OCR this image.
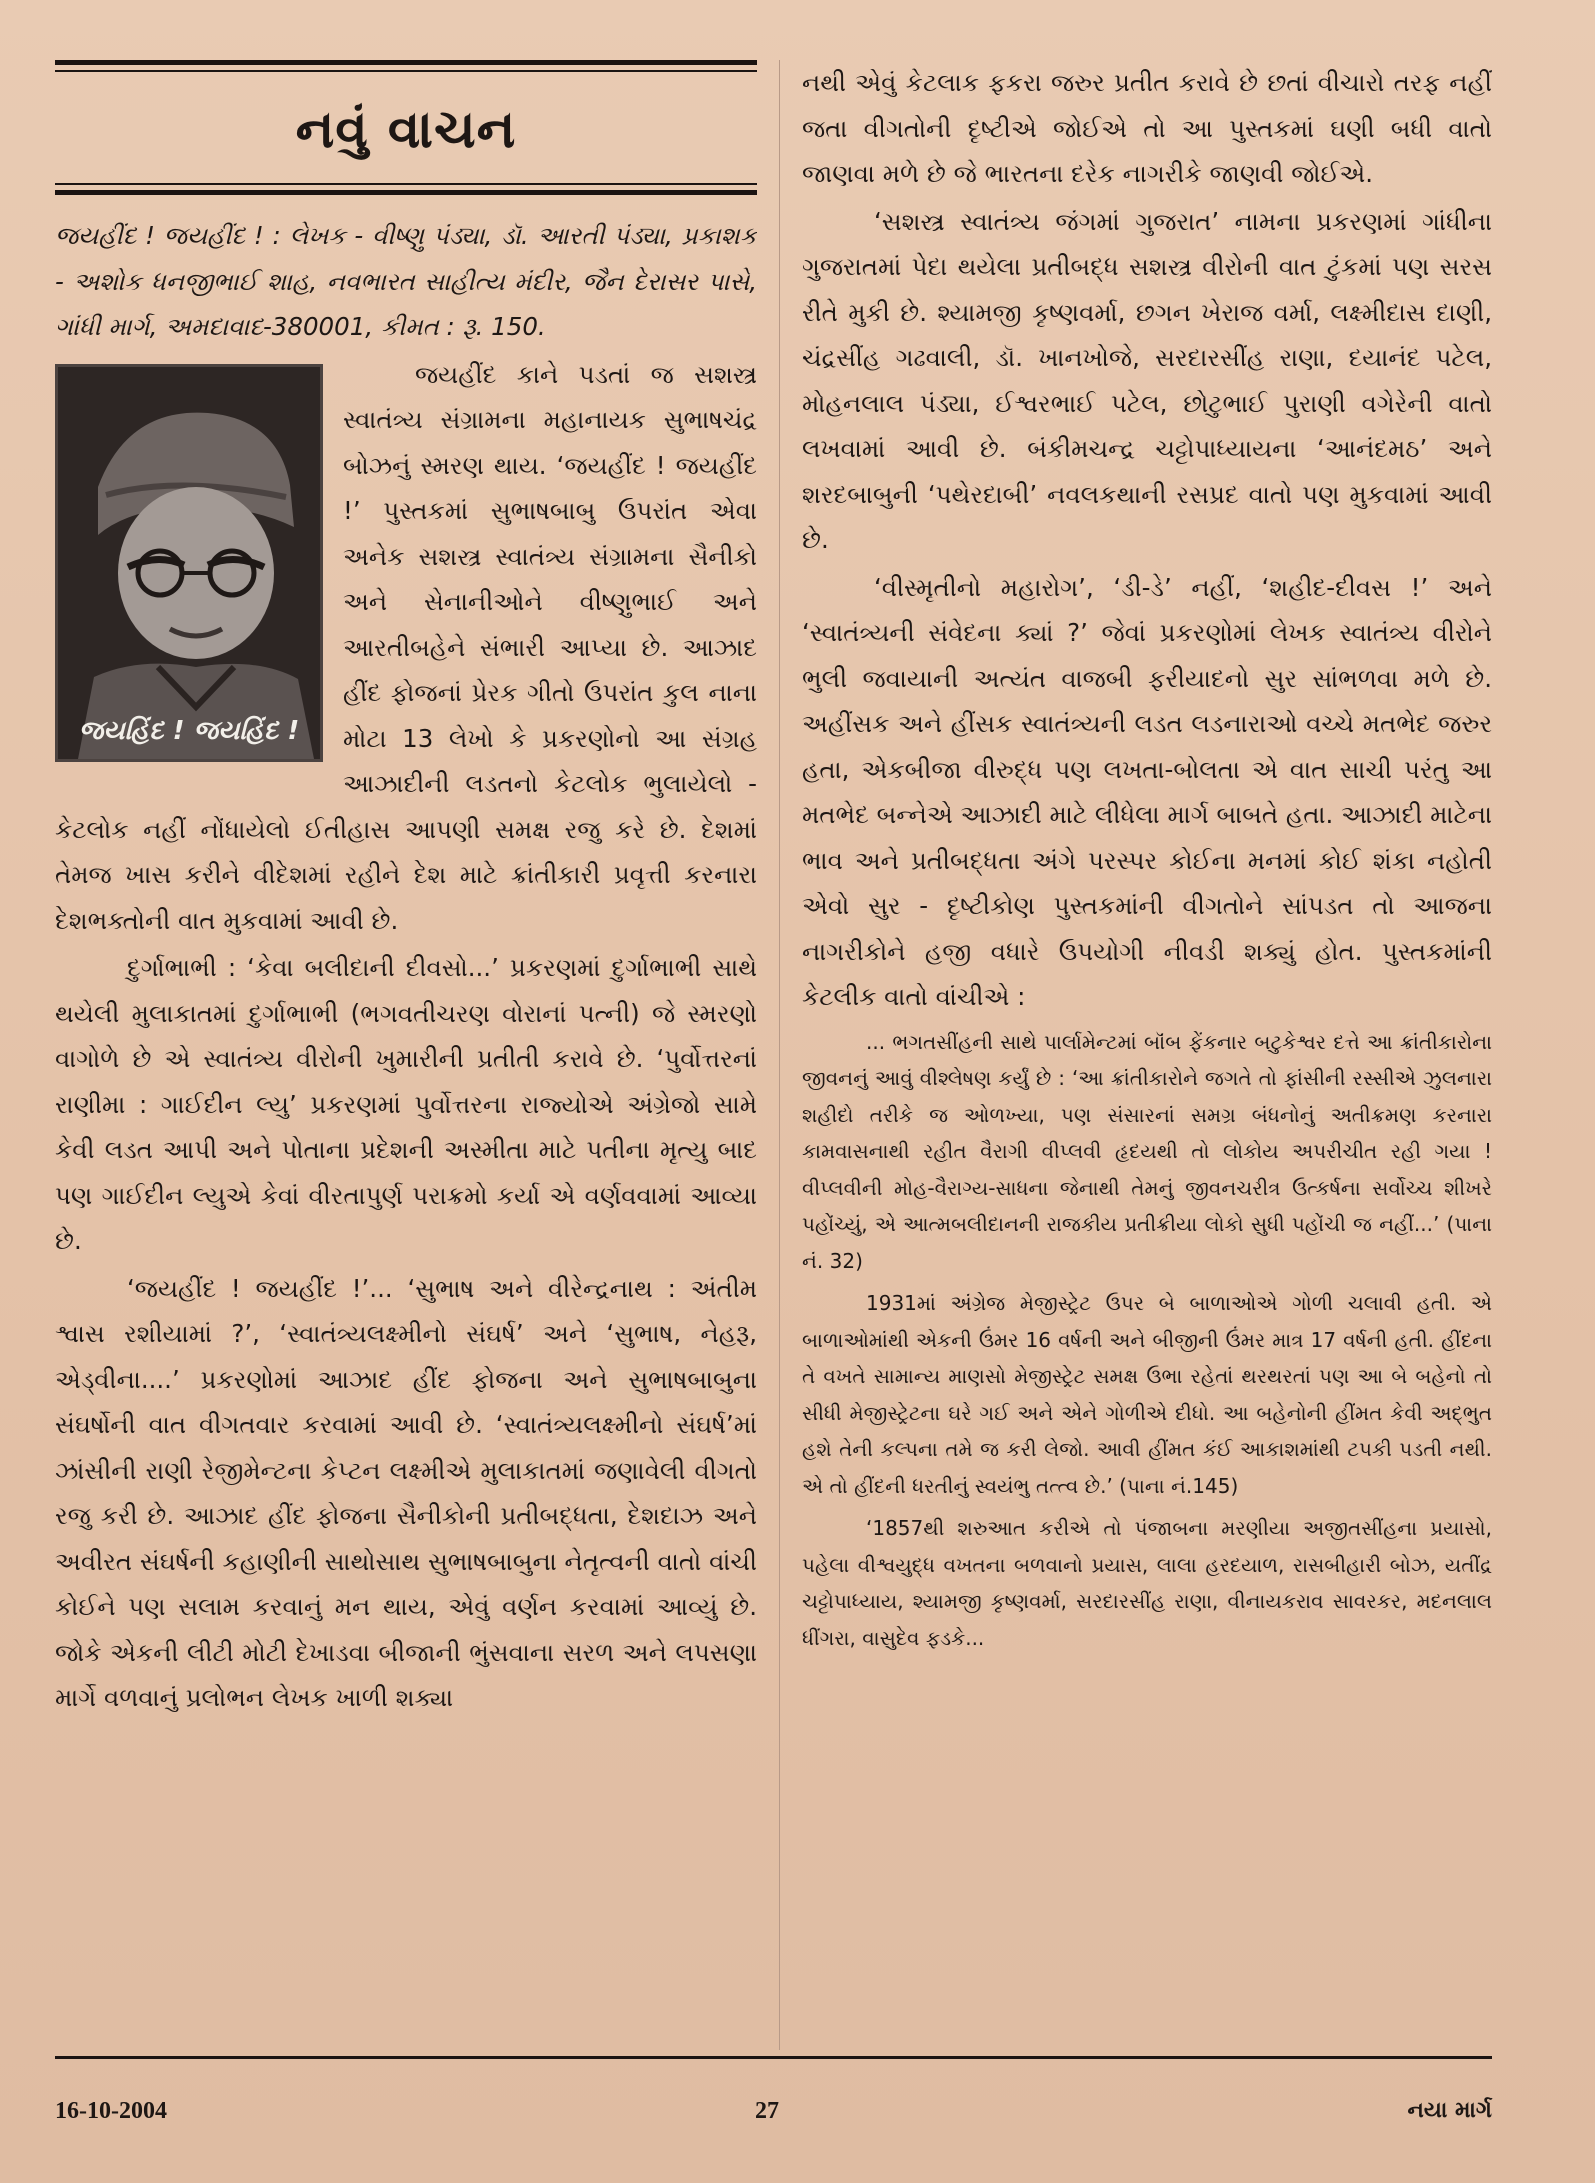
નવું વાચન

જયહીંદ ! જયહીંદ ! : લેખક - વીષ્ણુ પંડ્યા, ડૉ. આરતી પંડ્યા, પ્રકાશક - અશોક ધનજીભાઈ શાહ, નવભારત સાહીત્ય મંદીર, જૈન દેરાસર પાસે, ગાંધી માર્ગ, અમદાવાદ-380001, કીમત : રૂ. 150.

જયહિંદ ! જયહિંદ !

જયહીંદ કાને પડતાં જ સશસ્ત્ર સ્વાતંત્ર્ય સંગ્રામના મહાનાયક સુભાષચંદ્ર બોઝનું સ્મરણ થાય. ‘જયહીંદ ! જયહીંદ !’ પુસ્તકમાં સુભાષબાબુ ઉપરાંત એવા અનેક સશસ્ત્ર સ્વાતંત્ર્ય સંગ્રામના સૈનીકો અને સેનાનીઓને વીષ્ણુભાઈ અને આરતીબહેને સંભારી આપ્યા છે. આઝાદ હીંદ ફોજનાં પ્રેરક ગીતો ઉપરાંત કુલ નાના મોટા 13 લેખો કે પ્રકરણોનો આ સંગ્રહ આઝાદીની લડતનો કેટલોક ભુલાયેલો - કેટલોક નહીં નોંધાયેલો ઈતીહાસ આપણી સમક્ષ રજુ કરે છે. દેશમાં તેમજ ખાસ કરીને વીદેશમાં રહીને દેશ માટે ક્રાંતીકારી પ્રવૃત્તી કરનારા દેશભક્તોની વાત મુકવામાં આવી છે.

દુર્ગાભાભી : ‘કેવા બલીદાની દીવસો...’ પ્રકરણમાં દુર્ગાભાભી સાથે થયેલી મુલાકાતમાં દુર્ગાભાભી (ભગવતીચરણ વોરાનાં પત્ની) જે સ્મરણો વાગોળે છે એ સ્વાતંત્ર્ય વીરોની ખુમારીની પ્રતીતી કરાવે છે. ‘પુર્વોત્તરનાં રાણીમા : ગાઈદીન લ્યુ’ પ્રકરણમાં પુર્વોત્તરના રાજ્યોએ અંગ્રેજો સામે કેવી લડત આપી અને પોતાના પ્રદેશની અસ્મીતા માટે પતીના મૃત્યુ બાદ પણ ગાઈદીન લ્યુએ કેવાં વીરતાપુર્ણ પરાક્રમો કર્યા એ વર્ણવવામાં આવ્યા છે.

‘જયહીંદ ! જયહીંદ !’... ‘સુભાષ અને વીરેન્દ્રનાથ : અંતીમ શ્વાસ રશીયામાં ?’, ‘સ્વાતંત્ર્યલક્ષ્મીનો સંઘર્ષ’ અને ‘સુભાષ, નેહરૂ, એડ્વીના....’ પ્રકરણોમાં આઝાદ હીંદ ફોજના અને સુભાષબાબુના સંઘર્ષોની વાત વીગતવાર કરવામાં આવી છે. ‘સ્વાતંત્ર્યલક્ષ્મીનો સંઘર્ષ’માં ઝાંસીની રાણી રેજીમેન્ટના કેપ્ટન લક્ષ્મીએ મુલાકાતમાં જણાવેલી વીગતો રજુ કરી છે. આઝાદ હીંદ ફોજના સૈનીકોની પ્રતીબદ્ધતા, દેશદાઝ અને અવીરત સંઘર્ષની કહાણીની સાથોસાથ સુભાષબાબુના નેતૃત્વની વાતો વાંચી કોઈને પણ સલામ કરવાનું મન થાય, એવું વર્ણન કરવામાં આવ્યું છે. જોકે એકની લીટી મોટી દેખાડવા બીજાની ભુંસવાના સરળ અને લપસણા માર્ગે વળવાનું પ્રલોભન લેખક ખાળી શક્યા

નથી એવું કેટલાક ફકરા જરુર પ્રતીત કરાવે છે છતાં વીચારો તરફ નહીં જતા વીગતોની દૃષ્ટીએ જોઈએ તો આ પુસ્તકમાં ઘણી બધી વાતો જાણવા મળે છે જે ભારતના દરેક નાગરીકે જાણવી જોઈએ.

‘સશસ્ત્ર સ્વાતંત્ર્ય જંગમાં ગુજરાત’ નામના પ્રકરણમાં ગાંધીના ગુજરાતમાં પેદા થયેલા પ્રતીબદ્ધ સશસ્ત્ર વીરોની વાત ટુંકમાં પણ સરસ રીતે મુકી છે. શ્યામજી કૃષ્ણવર્મા, છગન ખેરાજ વર્મા, લક્ષ્મીદાસ દાણી, ચંદ્રસીંહ ગઢવાલી, ડૉ. ખાનખોજે, સરદારસીંહ રાણા, દયાનંદ પટેલ, મોહનલાલ પંડ્યા, ઈશ્વરભાઈ પટેલ, છોટુભાઈ પુરાણી વગેરેની વાતો લખવામાં આવી છે. બંકીમચન્દ્ર ચટ્ટોપાધ્યાયના ‘આનંદમઠ’ અને શરદબાબુની ‘પથેરદાબી’ નવલકથાની રસપ્રદ વાતો પણ મુકવામાં આવી છે.

‘વીસ્મૃતીનો મહારોગ’, ‘ડી-ડે’ નહીં, ‘શહીદ-દીવસ !’ અને ‘સ્વાતંત્ર્યની સંવેદના ક્યાં ?’ જેવાં પ્રકરણોમાં લેખક સ્વાતંત્ર્ય વીરોને ભુલી જવાયાની અત્યંત વાજબી ફરીયાદનો સુર સાંભળવા મળે છે. અહીંસક અને હીંસક સ્વાતંત્ર્યની લડત લડનારાઓ વચ્ચે મતભેદ જરુર હતા, એકબીજા વીરુદ્ધ પણ લખતા-બોલતા એ વાત સાચી પરંતુ આ મતભેદ બન્નેએ આઝાદી માટે લીધેલા માર્ગ બાબતે હતા. આઝાદી માટેના ભાવ અને પ્રતીબદ્ધતા અંગે પરસ્પર કોઈના મનમાં કોઈ શંકા નહોતી એવો સુર - દૃષ્ટીકોણ પુસ્તકમાંની વીગતોને સાંપડત તો આજના નાગરીકોને હજી વધારે ઉપયોગી નીવડી શક્યું હોત. પુસ્તકમાંની કેટલીક વાતો વાંચીએ :

... ભગતસીંહની સાથે પાર્લામેન્ટમાં બૉંબ ફેંકનાર બટુકેશ્વર દત્તે આ ક્રાંતીકારોના જીવનનું આવું વીશ્લેષણ કર્યું છે : ‘આ ક્રાંતીકારોને જગતે તો ફાંસીની રસ્સીએ ઝુલનારા શહીદો તરીકે જ ઓળખ્યા, પણ સંસારનાં સમગ્ર બંધનોનું અતીક્રમણ કરનારા કામવાસનાથી રહીત વૈરાગી વીપ્લવી હૃદયથી તો લોકોય અપરીચીત રહી ગયા ! વીપ્લવીની મોહ-વૈરાગ્ય-સાધના જેનાથી તેમનું જીવનચરીત્ર ઉત્કર્ષના સર્વોચ્ચ શીખરે પહોંચ્યું, એ આત્મબલીદાનની રાજકીય પ્રતીક્રીયા લોકો સુધી પહોંચી જ નહીં...’ (પાના નં. 32)

1931માં અંગ્રેજ મેજીસ્ટ્રેટ ઉપર બે બાળાઓએ ગોળી ચલાવી હતી. એ બાળાઓમાંથી એકની ઉંમર 16 વર્ષની અને બીજીની ઉંમર માત્ર 17 વર્ષની હતી. હીંદના તે વખતે સામાન્ય માણસો મેજીસ્ટ્રેટ સમક્ષ ઉભા રહેતાં થરથરતાં પણ આ બે બહેનો તો સીધી મેજીસ્ટ્રેટના ઘરે ગઈ અને એને ગોળીએ દીધો. આ બહેનોની હીંમત કેવી અદ્ભુત હશે તેની કલ્પના તમે જ કરી લેજો. આવી હીંમત કંઈ આકાશમાંથી ટપકી પડતી નથી. એ તો હીંદની ધરતીનું સ્વયંભુ તત્ત્વ છે.’ (પાના નં.145)

‘1857થી શરુઆત કરીએ તો પંજાબના મરણીયા અજીતસીંહના પ્રયાસો, પહેલા વીશ્વયુદ્ધ વખતના બળવાનો પ્રયાસ, લાલા હરદયાળ, રાસબીહારી બોઝ, યતીંદ્ર ચટ્ટોપાધ્યાય, શ્યામજી કૃષ્ણવર્મા, સરદારસીંહ રાણા, વીનાયકરાવ સાવરકર, મદનલાલ ધીંગરા, વાસુદેવ ફડકે...

16-10-2004	27	નયા માર્ગ
